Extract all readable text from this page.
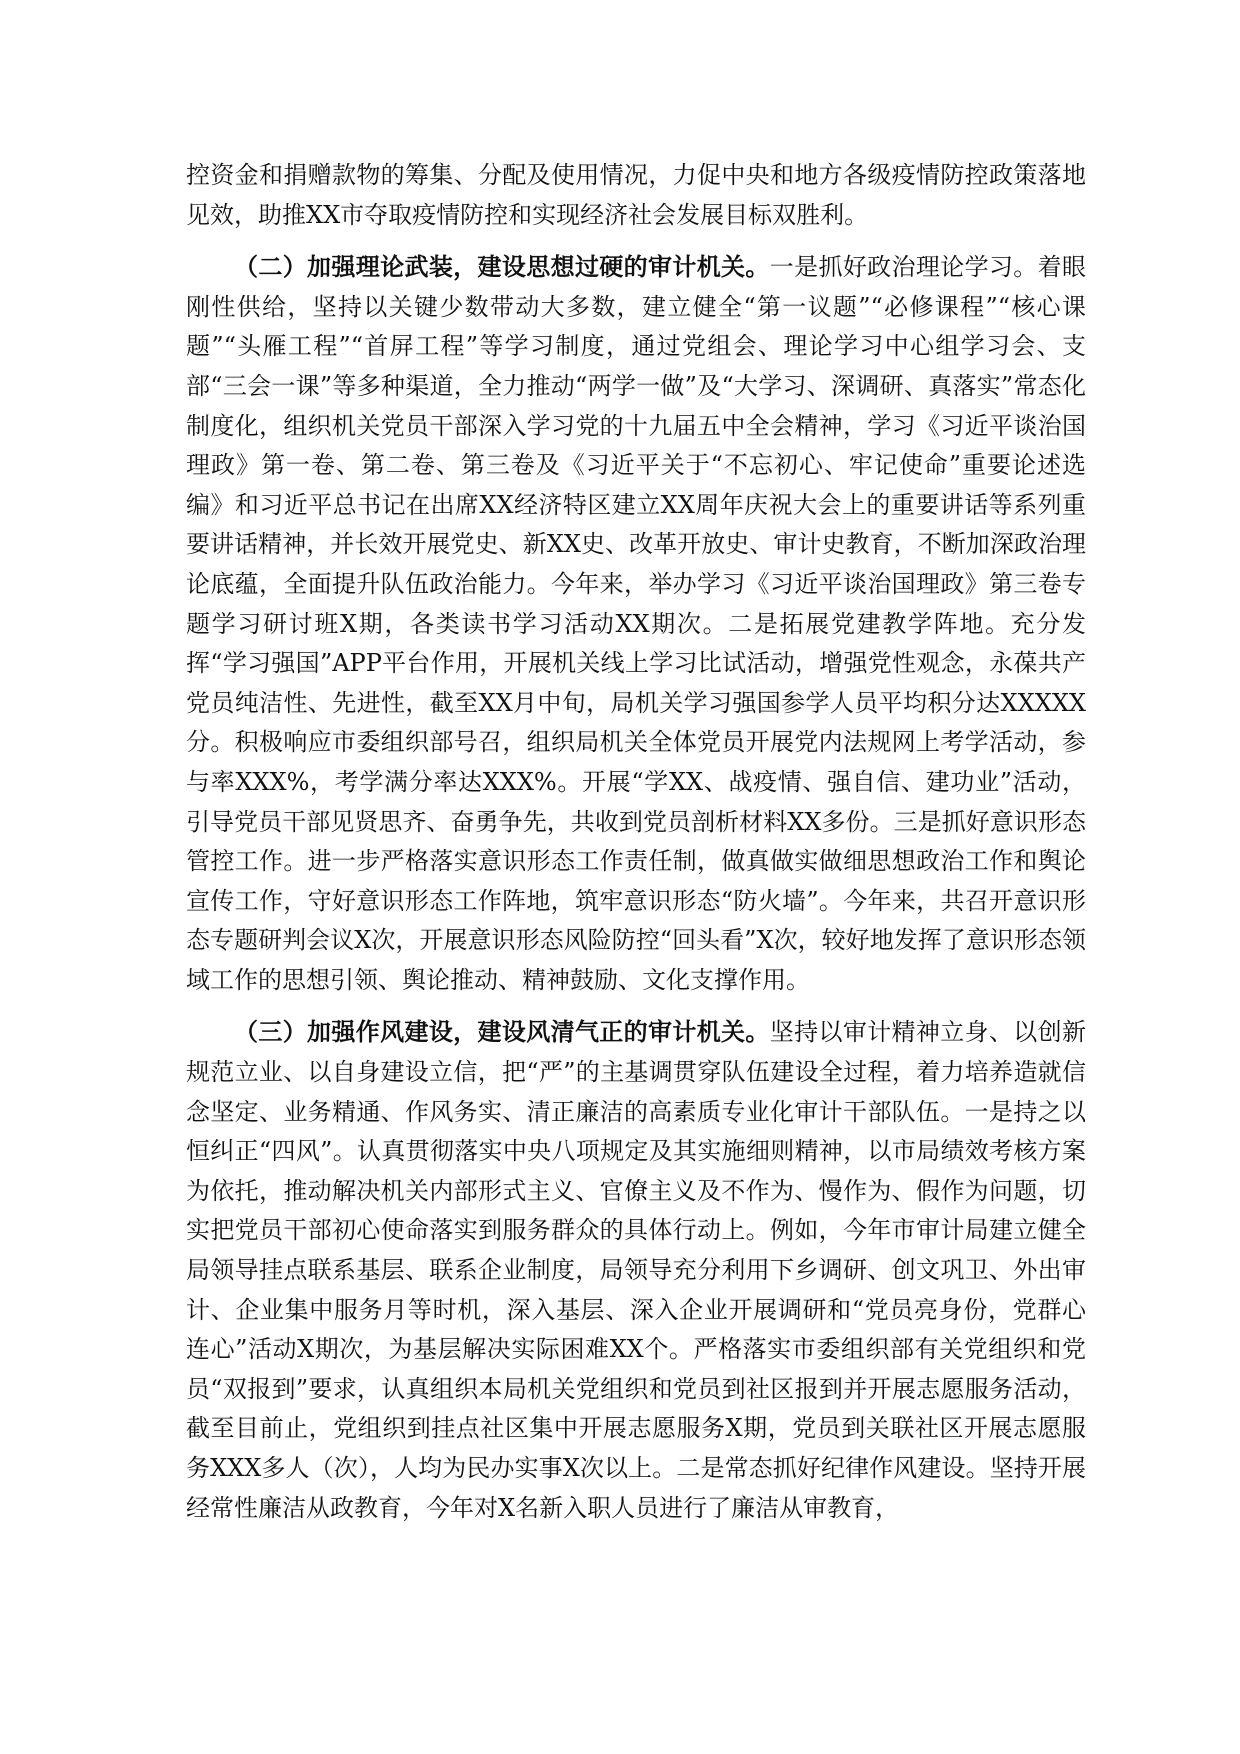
控资金和捐赠款物的筹集、分配及使用情况，力促中央和地方各级疫情防控政策落地见效，助推XX市夺取疫情防控和实现经济社会发展目标双胜利。

（二）加强理论武装，建设思想过硬的审计机关。一是抓好政治理论学习。着眼刚性供给，坚持以关键少数带动大多数，建立健全“第一议题”“必修课程”“核心课题”“头雁工程”“首屏工程”等学习制度，通过党组会、理论学习中心组学习会、支部“三会一课”等多种渠道，全力推动“两学一做”及“大学习、深调研、真落实”常态化制度化，组织机关党员干部深入学习党的十九届五中全会精神，学习《习近平谈治国理政》第一卷、第二卷、第三卷及《习近平关于“不忘初心、牢记使命”重要论述选编》和习近平总书记在出席XX经济特区建立XX周年庆祝大会上的重要讲话等系列重要讲话精神，并长效开展党史、新XX史、改革开放史、审计史教育，不断加深政治理论底蕴，全面提升队伍政治能力。今年来，举办学习《习近平谈治国理政》第三卷专题学习研讨班X期，各类读书学习活动XX期次。二是拓展党建教学阵地。充分发挥“学习强国”APP平台作用，开展机关线上学习比试活动，增强党性观念，永葆共产党员纯洁性、先进性，截至XX月中旬，局机关学习强国参学人员平均积分达XXXXX　分。积极响应市委组织部号召，组织局机关全体党员开展党内法规网上考学活动，参与率XXX%，考学满分率达XXX%。开展“学XX、战疫情、强自信、建功业”活动，引导党员干部见贤思齐、奋勇争先，共收到党员剖析材料XX多份。三是抓好意识形态管控工作。进一步严格落实意识形态工作责任制，做真做实做细思想政治工作和舆论宣传工作，守好意识形态工作阵地，筑牢意识形态“防火墙”。今年来，共召开意识形态专题研判会议X次，开展意识形态风险防控“回头看”X次，较好地发挥了意识形态领域工作的思想引领、舆论推动、精神鼓励、文化支撑作用。

（三）加强作风建设，建设风清气正的审计机关。坚持以审计精神立身、以创新规范立业、以自身建设立信，把“严”的主基调贯穿队伍建设全过程，着力培养造就信念坚定、业务精通、作风务实、清正廉洁的高素质专业化审计干部队伍。一是持之以恒纠正“四风”。认真贯彻落实中央八项规定及其实施细则精神，以市局绩效考核方案为依托，推动解决机关内部形式主义、官僚主义及不作为、慢作为、假作为问题，切实把党员干部初心使命落实到服务群众的具体行动上。例如，今年市审计局建立健全局领导挂点联系基层、联系企业制度，局领导充分利用下乡调研、创文巩卫、外出审计、企业集中服务月等时机，深入基层、深入企业开展调研和“党员亮身份，党群心连心”活动X期次，为基层解决实际困难XX个。严格落实市委组织部有关党组织和党员“双报到”要求，认真组织本局机关党组织和党员到社区报到并开展志愿服务活动，截至目前止，党组织到挂点社区集中开展志愿服务X期，党员到关联社区开展志愿服务XXX多人（次），人均为民办实事X次以上。二是常态抓好纪律作风建设。坚持开展经常性廉洁从政教育，今年对X名新入职人员进行了廉洁从审教育，
